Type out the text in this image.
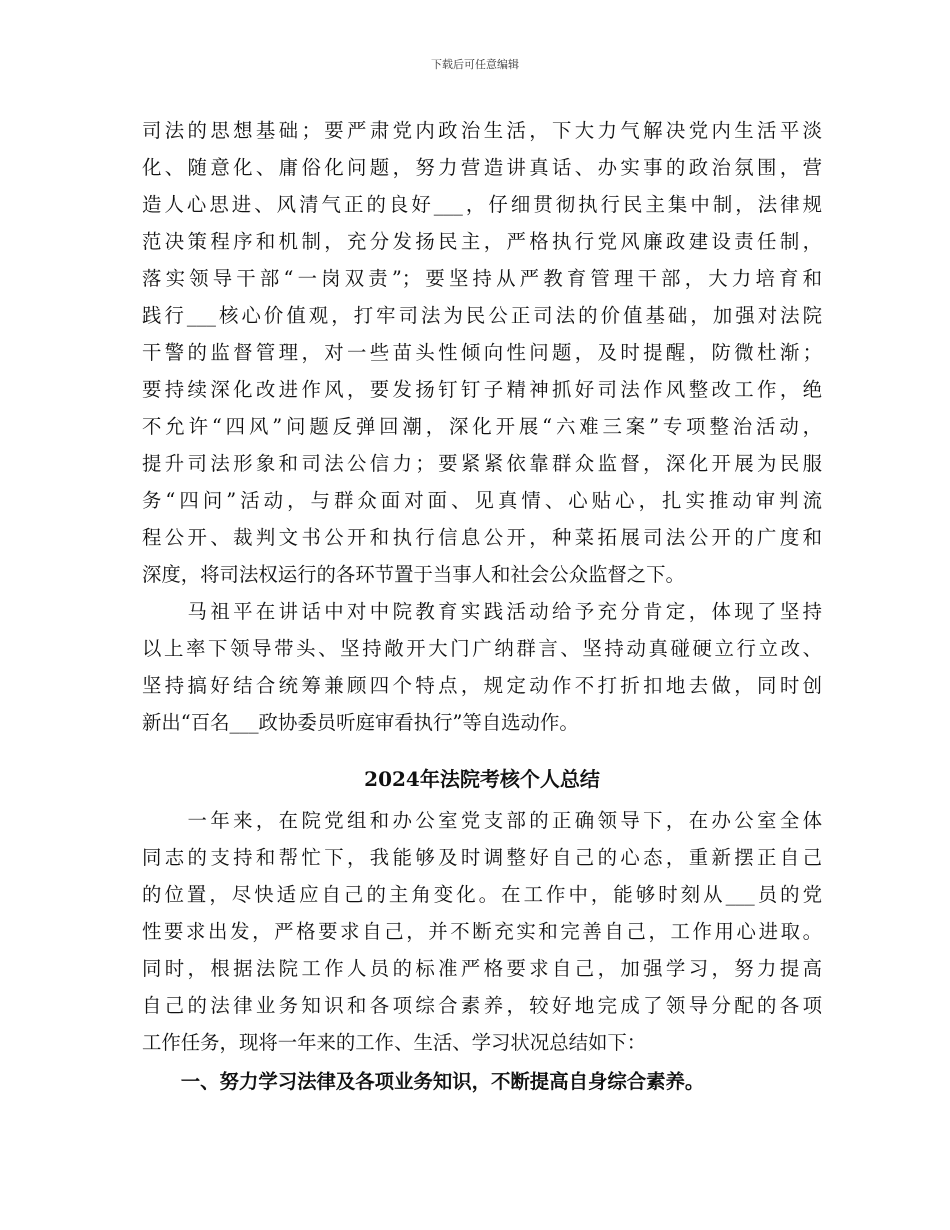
下载后可任意编辑

司法的思想基础；要严肃党内政治生活，下大力气解决党内生活平淡

化、随意化、庸俗化问题，努力营造讲真话、办实事的政治氛围，营

造人心思进、风清气正的良好___，仔细贯彻执行民主集中制，法律规

范决策程序和机制，充分发扬民主，严格执行党风廉政建设责任制，

落实领导干部“一岗双责”；要坚持从严教育管理干部，大力培育和

践行___核心价值观，打牢司法为民公正司法的价值基础，加强对法院

干警的监督管理，对一些苗头性倾向性问题，及时提醒，防微杜渐；

要持续深化改进作风，要发扬钉钉子精神抓好司法作风整改工作，绝

不允许“四风”问题反弹回潮，深化开展“六难三案”专项整治活动，

提升司法形象和司法公信力；要紧紧依靠群众监督，深化开展为民服

务“四问”活动，与群众面对面、见真情、心贴心，扎实推动审判流

程公开、裁判文书公开和执行信息公开，种菜拓展司法公开的广度和

深度，将司法权运行的各环节置于当事人和社会公众监督之下。

　　马祖平在讲话中对中院教育实践活动给予充分肯定，体现了坚持

以上率下领导带头、坚持敞开大门广纳群言、坚持动真碰硬立行立改、

坚持搞好结合统筹兼顾四个特点，规定动作不打折扣地去做，同时创

新出“百名___政协委员听庭审看执行”等自选动作。

2024年法院考核个人总结

　　一年来，在院党组和办公室党支部的正确领导下，在办公室全体

同志的支持和帮忙下，我能够及时调整好自己的心态，重新摆正自己

的位置，尽快适应自己的主角变化。在工作中，能够时刻从___员的党

性要求出发，严格要求自己，并不断充实和完善自己，工作用心进取。

同时，根据法院工作人员的标准严格要求自己，加强学习，努力提高

自己的法律业务知识和各项综合素养，较好地完成了领导分配的各项

工作任务，现将一年来的工作、生活、学习状况总结如下：

　　一、努力学习法律及各项业务知识，不断提高自身综合素养。
